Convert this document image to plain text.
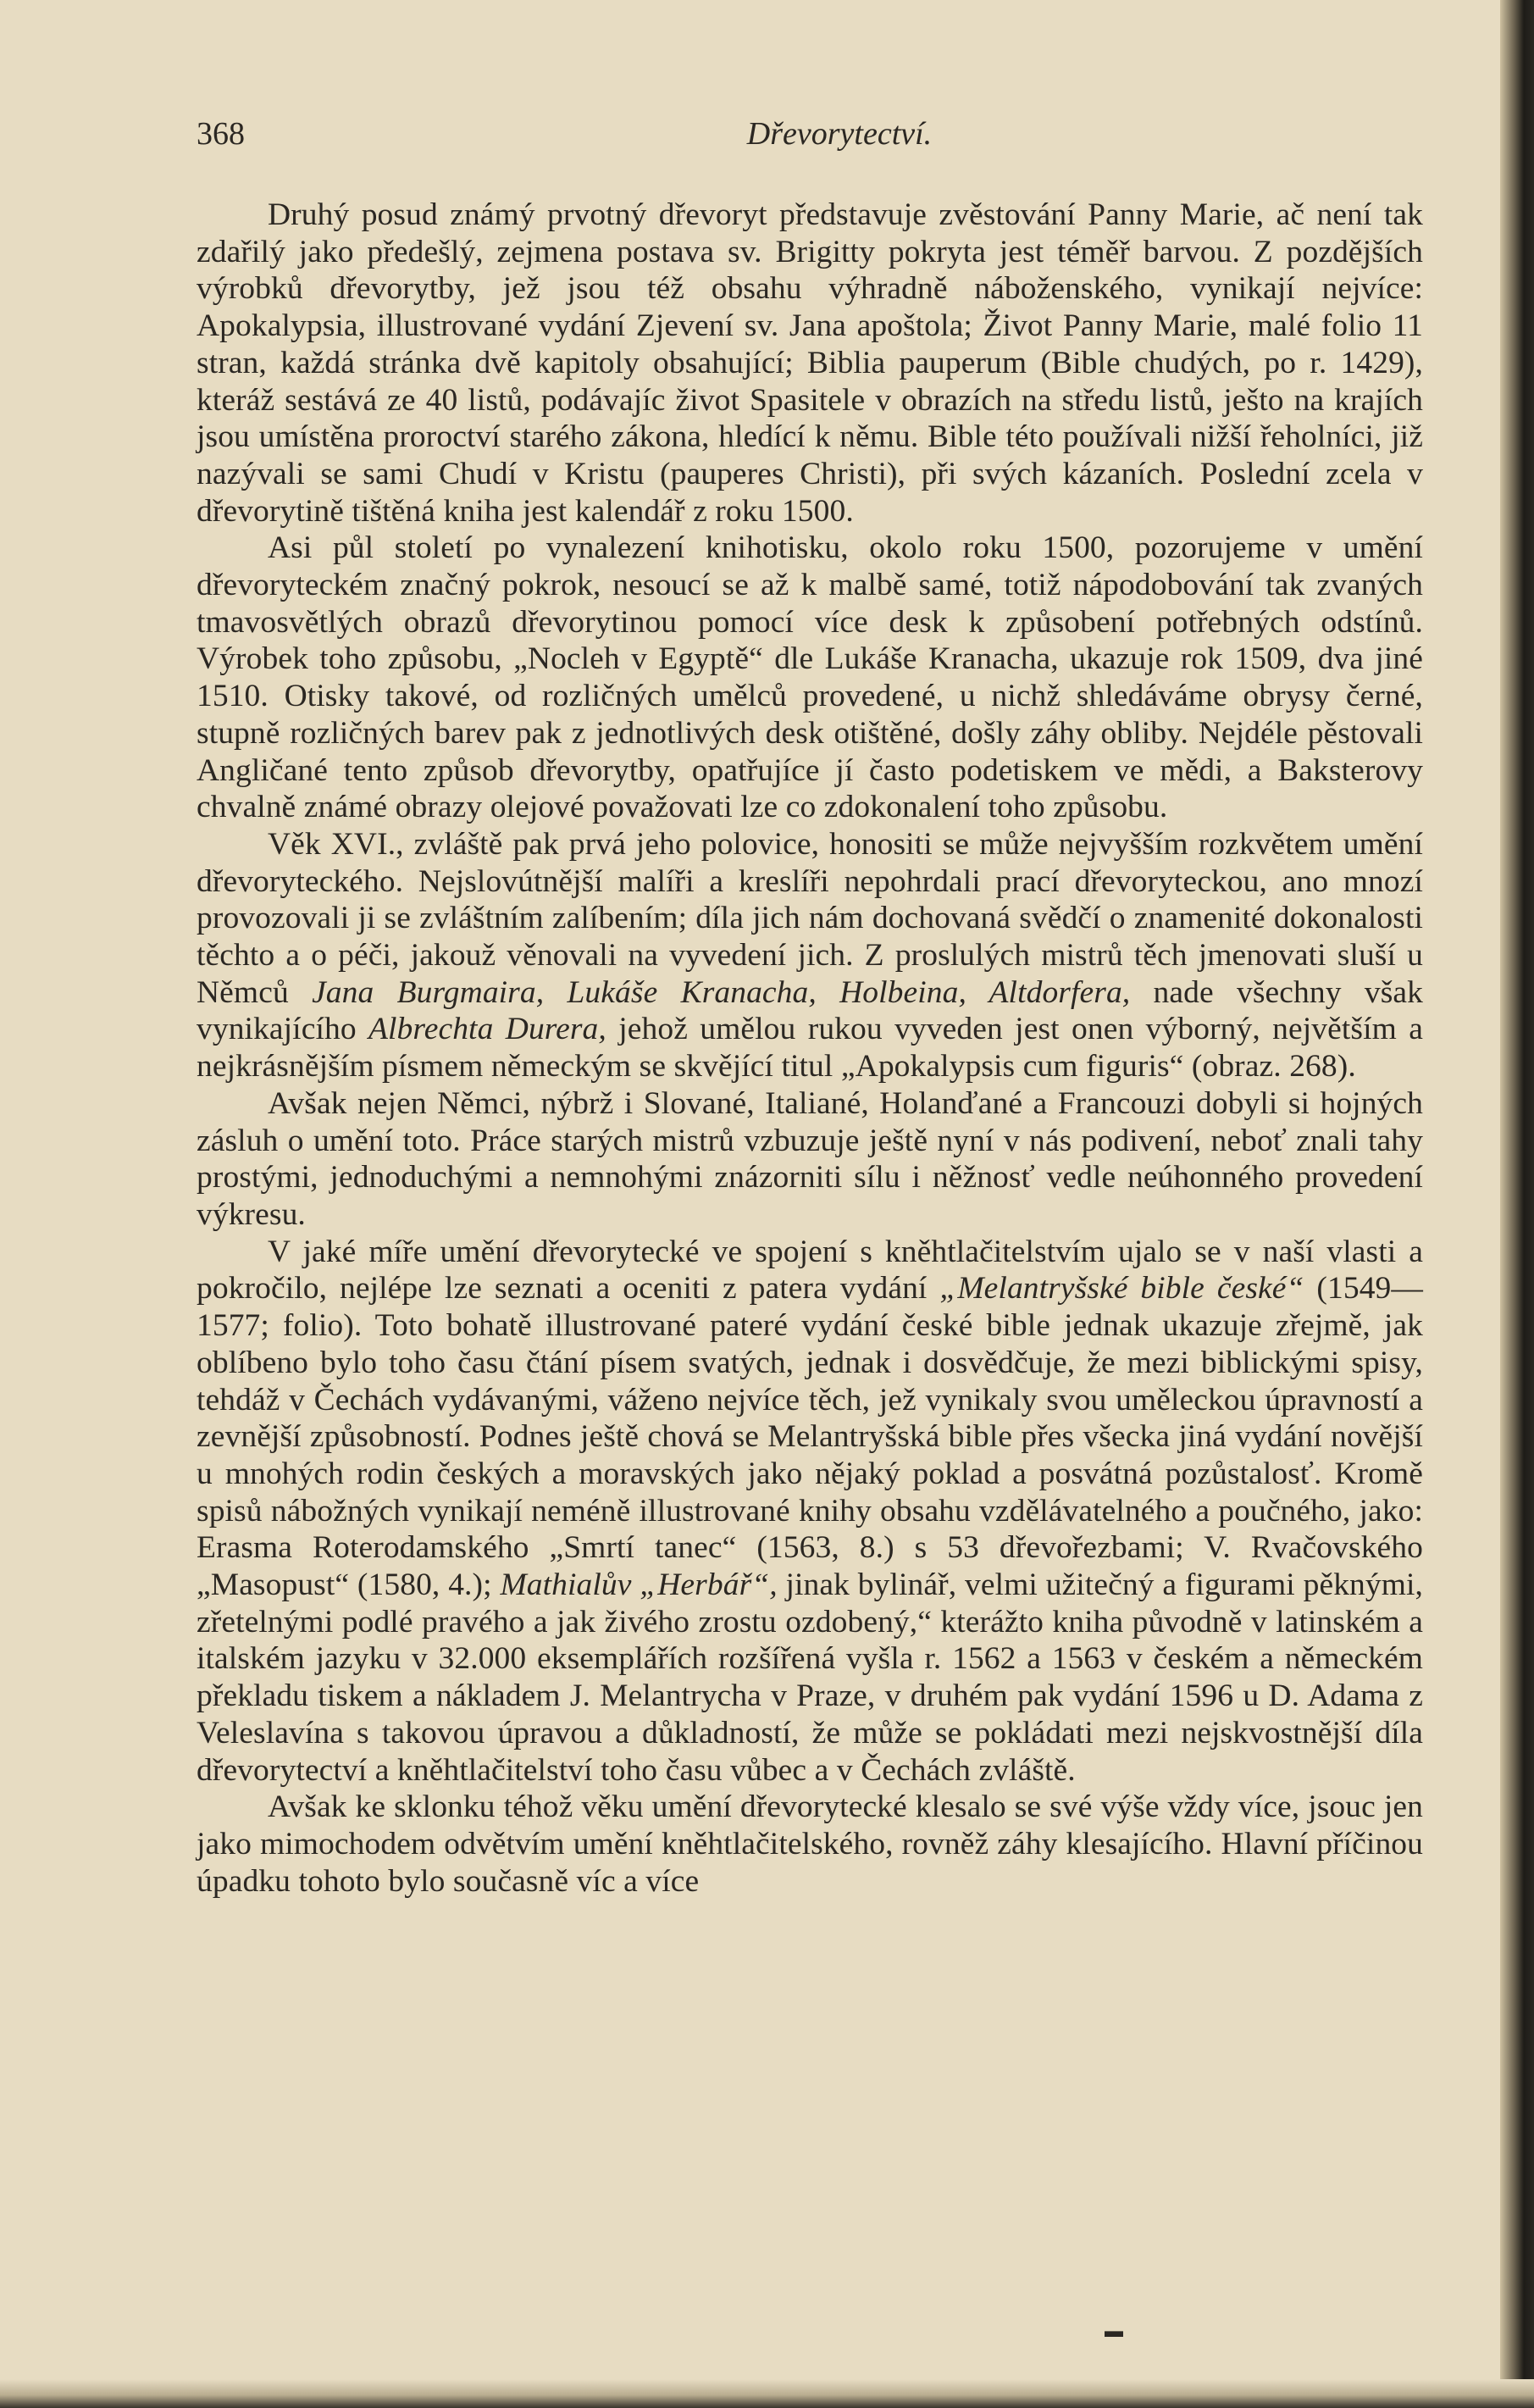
368	Dřevorytectví.

Druhý posud známý prvotný dřevoryt představuje zvěstování Panny Marie, ač není tak zdařilý jako předešlý, zejmena postava sv. Brigitty pokryta jest téměř barvou. Z pozdějších výrobků dřevorytby, jež jsou též obsahu výhradně náboženského, vynikají nejvíce: Apokalypsia, illustrované vydání Zjevení sv. Jana apoštola; Život Panny Marie, malé folio 11 stran, každá stránka dvě kapitoly obsahující; Biblia pauperum (Bible chudých, po r. 1429), kteráž sestává ze 40 listů, podávajíc život Spasitele v obrazích na středu listů, ješto na krajích jsou umístěna proroctví starého zákona, hledící k němu. Bible této používali nižší řeholníci, již nazývali se sami Chudí v Kristu (pauperes Christi), při svých kázaních. Poslední zcela v dřevorytině tištěná kniha jest kalendář z roku 1500.

Asi půl století po vynalezení knihotisku, okolo roku 1500, pozorujeme v umění dřevoryteckém značný pokrok, nesoucí se až k malbě samé, totiž nápodobování tak zvaných tmavosvětlých obrazů dřevorytinou pomocí více desk k způsobení potřebných odstínů. Výrobek toho způsobu, „Nocleh v Egyptě“ dle Lukáše Kranacha, ukazuje rok 1509, dva jiné 1510. Otisky takové, od rozličných umělců provedené, u nichž shledáváme obrysy černé, stupně rozličných barev pak z jednotlivých desk otištěné, došly záhy obliby. Nejdéle pěstovali Angličané tento způsob dřevorytby, opatřujíce jí často podetiskem ve mědi, a Baksterovy chvalně známé obrazy olejové považovati lze co zdokonalení toho způsobu.

Věk XVI., zvláště pak prvá jeho polovice, honositi se může nejvyšším rozkvětem umění dřevoryteckého. Nejslovútnější malíři a kreslíři nepohrdali prací dřevoryteckou, ano mnozí provozovali ji se zvláštním zalíbením; díla jich nám dochovaná svědčí o znamenité dokonalosti těchto a o péči, jakouž věnovali na vyvedení jich. Z proslulých mistrů těch jmenovati sluší u Němců Jana Burgmaira, Lukáše Kranacha, Holbeina, Altdorfera, nade všechny však vynikajícího Albrechta Durera, jehož umělou rukou vyveden jest onen výborný, největším a nejkrásnějším písmem německým se skvějící titul „Apokalypsis cum figuris“ (obraz. 268).

Avšak nejen Němci, nýbrž i Slované, Italiané, Holanďané a Francouzi dobyli si hojných zásluh o umění toto. Práce starých mistrů vzbuzuje ještě nyní v nás podivení, neboť znali tahy prostými, jednoduchými a nemnohými znázorniti sílu i něžnosť vedle neúhonného provedení výkresu.

V jaké míře umění dřevorytecké ve spojení s kněhtlačitelstvím ujalo se v naší vlasti a pokročilo, nejlépe lze seznati a oceniti z patera vydání „Melantryšské bible české“ (1549—1577; folio). Toto bohatě illustrované pateré vydání české bible jednak ukazuje zřejmě, jak oblíbeno bylo toho času čtání písem svatých, jednak i dosvědčuje, že mezi biblickými spisy, tehdáž v Čechách vydávanými, váženo nejvíce těch, jež vynikaly svou uměleckou úpravností a zevnější způsobností. Podnes ještě chová se Melantryšská bible přes všecka jiná vydání novější u mnohých rodin českých a moravských jako nějaký poklad a posvátná pozůstalosť. Kromě spisů nábožných vynikají neméně illustrované knihy obsahu vzdělávatelného a poučného, jako: Erasma Roterodamského „Smrtí tanec“ (1563, 8.) s 53 dřevořezbami; V. Rvačovského „Masopust“ (1580, 4.); Mathialův „Herbář“, jinak bylinář, velmi užitečný a figurami pěknými, zřetelnými podlé pravého a jak živého zrostu ozdobený,“ kterážto kniha původně v latinském a italském jazyku v 32.000 eksemplářích rozšířená vyšla r. 1562 a 1563 v českém a německém překladu tiskem a nákladem J. Melantrycha v Praze, v druhém pak vydání 1596 u D. Adama z Veleslavína s takovou úpravou a důkladností, že může se pokládati mezi nejskvostnější díla dřevorytectví a kněhtlačitelství toho času vůbec a v Čechách zvláště.

Avšak ke sklonku téhož věku umění dřevorytecké klesalo se své výše vždy více, jsouc jen jako mimochodem odvětvím umění kněhtlačitelského, rovněž záhy klesajícího. Hlavní příčinou úpadku tohoto bylo současně víc a více

▬
